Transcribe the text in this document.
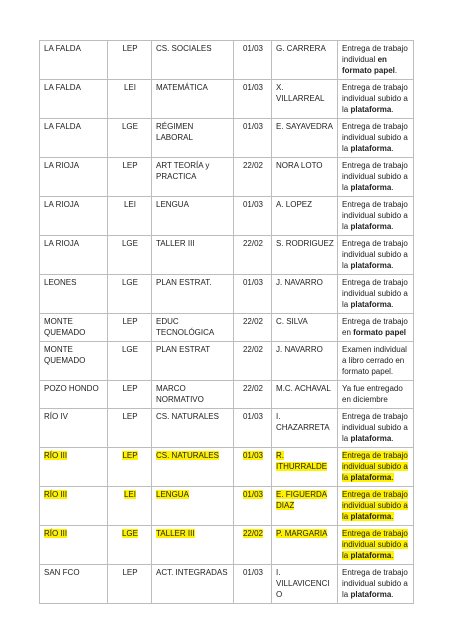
LA FALDA	LEP	CS. SOCIALES	01/03	G. CARRERA	Entrega de trabajo individual en formato papel.
LA FALDA	LEI	MATEMÁTICA	01/03	X. VILLARREAL	Entrega de trabajo individual subido a la plataforma.
LA FALDA	LGE	RÉGIMEN LABORAL	01/03	E. SAYAVEDRA	Entrega de trabajo individual subido a la plataforma.
LA RIOJA	LEP	ART TEORÍA y PRACTICA	22/02	NORA LOTO	Entrega de trabajo individual subido a la plataforma.
LA RIOJA	LEI	LENGUA	01/03	A. LOPEZ	Entrega de trabajo individual subido a la plataforma.
LA RIOJA	LGE	TALLER III	22/02	S. RODRIGUEZ	Entrega de trabajo individual subido a la plataforma.
LEONES	LGE	PLAN ESTRAT.	01/03	J. NAVARRO	Entrega de trabajo individual subido a la plataforma.
MONTE QUEMADO	LEP	EDUC TECNOLÓGICA	22/02	C. SILVA	Entrega de trabajo en formato papel
MONTE QUEMADO	LGE	PLAN ESTRAT	22/02	J. NAVARRO	Examen individual a libro cerrado en formato papel.
POZO HONDO	LEP	MARCO NORMATIVO	22/02	M.C. ACHAVAL	Ya fue entregado en diciembre
RÍO IV	LEP	CS. NATURALES	01/03	I. CHAZARRETA	Entrega de trabajo individual subido a la plataforma.
RÍO III	LEP	CS. NATURALES	01/03	R. ITHURRALDE	Entrega de trabajo individual subido a la plataforma.
RÍO III	LEI	LENGUA	01/03	E. FIGUERDA DIAZ	Entrega de trabajo individual subido a la plataforma.
RÍO III	LGE	TALLER III	22/02	P. MARGARIA	Entrega de trabajo individual subido a la plataforma.
SAN FCO	LEP	ACT. INTEGRADAS	01/03	I. VILLAVICENCIO	Entrega de trabajo individual subido a la plataforma.
